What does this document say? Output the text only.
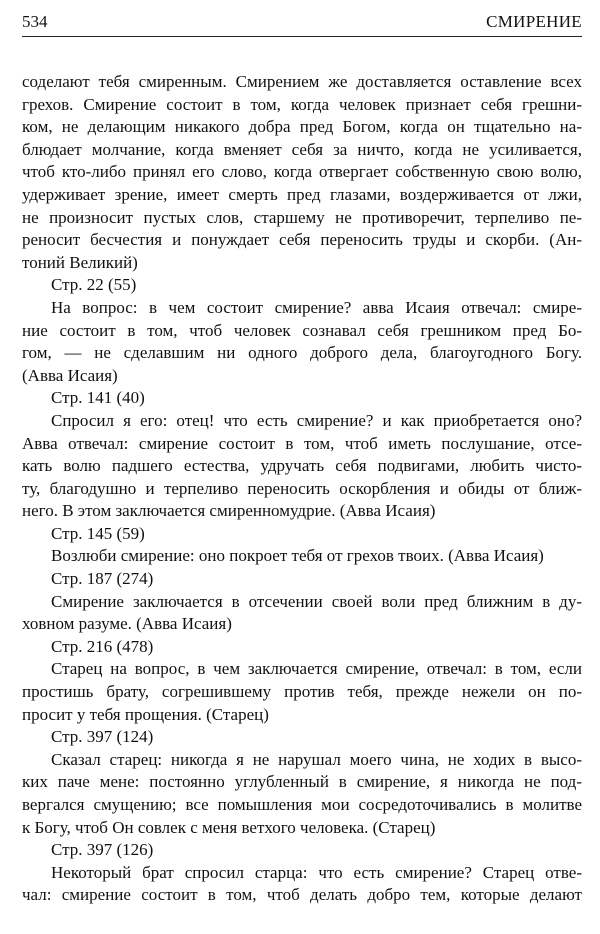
534	СМИРЕНИЕ
соделают тебя смиренным. Смирением же доставляется оставление всех
грехов. Смирение состоит в том, когда человек признает себя грешни-
ком, не делающим никакого добра пред Богом, когда он тщательно на-
блюдает молчание, когда вменяет себя за ничто, когда не усиливается,
чтоб кто-либо принял его слово, когда отвергает собственную свою волю,
удерживает зрение, имеет смерть пред глазами, воздерживается от лжи,
не произносит пустых слов, старшему не противоречит, терпеливо пе-
реносит бесчестия и понуждает себя переносить труды и скорби. (Ан-
тоний Великий)
Стр. 22 (55)
На вопрос: в чем состоит смирение? авва Исаия отвечал: смире-
ние состоит в том, чтоб человек сознавал себя грешником пред Бо-
гом, — не сделавшим ни одного доброго дела, благоугодного Богу.
(Авва Исаия)
Стр. 141 (40)
Спросил я его: отец! что есть смирение? и как приобретается оно?
Авва отвечал: смирение состоит в том, чтоб иметь послушание, отсе-
кать волю падшего естества, удручать себя подвигами, любить чисто-
ту, благодушно и терпеливо переносить оскорбления и обиды от ближ-
него. В этом заключается смиренномудрие. (Авва Исаия)
Стр. 145 (59)
Возлюби смирение: оно покроет тебя от грехов твоих. (Авва Исаия)
Стр. 187 (274)
Смирение заключается в отсечении своей воли пред ближним в ду-
ховном разуме. (Авва Исаия)
Стр. 216 (478)
Старец на вопрос, в чем заключается смирение, отвечал: в том, если
простишь брату, согрешившему против тебя, прежде нежели он по-
просит у тебя прощения. (Старец)
Стр. 397 (124)
Сказал старец: никогда я не нарушал моего чина, не ходих в высо-
ких паче мене: постоянно углубленный в смирение, я никогда не под-
вергался смущению; все помышления мои сосредоточивались в молитве
к Богу, чтоб Он совлек с меня ветхого человека. (Старец)
Стр. 397 (126)
Некоторый брат спросил старца: что есть смирение? Старец отве-
чал: смирение состоит в том, чтоб делать добро тем, которые делают
